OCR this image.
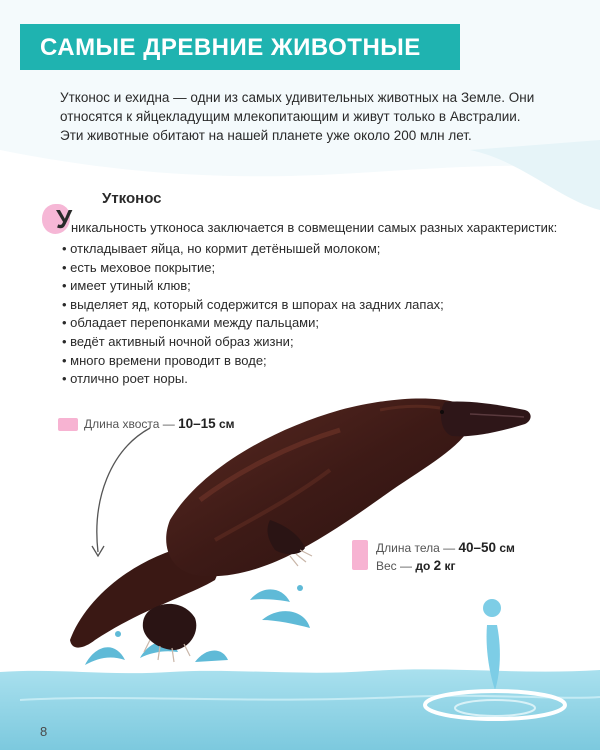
САМЫЕ ДРЕВНИЕ ЖИВОТНЫЕ
Утконос и ехидна — одни из самых удивительных животных на Земле. Они
относятся к яйцекладущим млекопитающим и живут только в Австралии.
Эти животные обитают на нашей планете уже около 200 млн лет.
Утконос
У
никальность утконоса заключается в совмещении самых разных характеристик:
• откладывает яйца, но кормит детёнышей молоком;
• есть меховое покрытие;
• имеет утиный клюв;
• выделяет яд, который содержится в шпорах на задних лапах;
• обладает перепонками между пальцами;
• ведёт активный ночной образ жизни;
• много времени проводит в воде;
• отлично роет норы.
Длина хвоста — 10–15 см
Длина тела — 40–50 см
Вес — до 2 кг
8
